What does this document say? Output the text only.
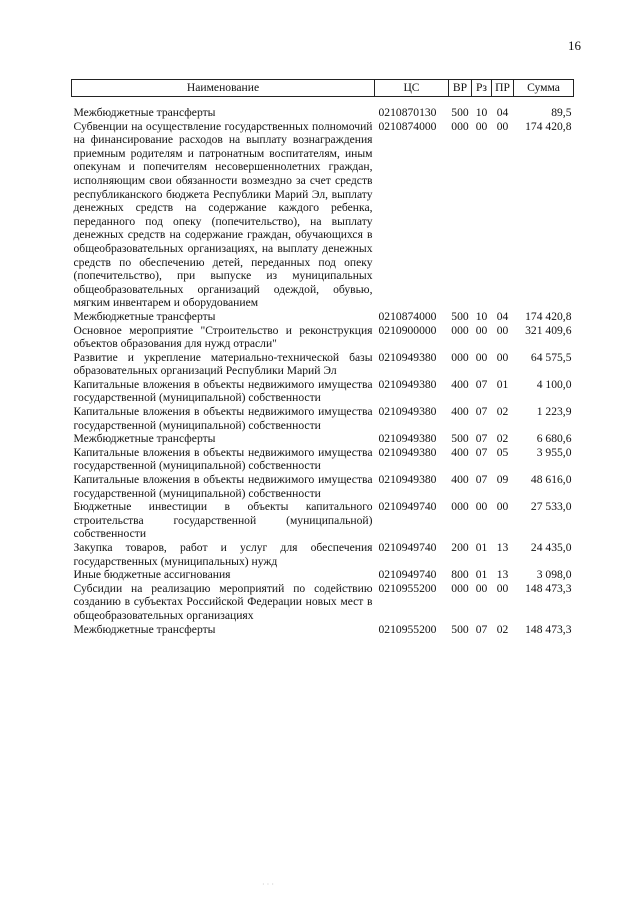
16
Наименование	ЦС	ВР	Рз	ПР	Сумма

Межбюджетные трансферты	0210870130	500	10	04	89,5
Субвенции на осуществление государственных полномочий на финансирование расходов на выплату вознаграждения приемным родителям и патронатным воспитателям, иным опекунам и попечителям несовершеннолетних граждан, исполняющим свои обязанности возмездно за счет средств республиканского бюджета Республики Марий Эл, выплату денежных средств на содержание каждого ребенка, переданного под опеку (попечительство), на выплату денежных средств на содержание граждан, обучающихся в общеобразовательных организациях, на выплату денежных средств по обеспечению детей, переданных под опеку (попечительство), при выпуске из муниципальных общеобразовательных организаций одеждой, обувью, мягким инвентарем и оборудованием	0210874000	000	00	00	174 420,8
Межбюджетные трансферты	0210874000	500	10	04	174 420,8
Основное мероприятие "Строительство и реконструкция объектов образования для нужд отрасли"	0210900000	000	00	00	321 409,6
Развитие и укрепление материально-технической базы образовательных организаций Республики Марий Эл	0210949380	000	00	00	64 575,5
Капитальные вложения в объекты недвижимого имущества государственной (муниципальной) собственности	0210949380	400	07	01	4 100,0
Капитальные вложения в объекты недвижимого имущества государственной (муниципальной) собственности	0210949380	400	07	02	1 223,9
Межбюджетные трансферты	0210949380	500	07	02	6 680,6
Капитальные вложения в объекты недвижимого имущества государственной (муниципальной) собственности	0210949380	400	07	05	3 955,0
Капитальные вложения в объекты недвижимого имущества государственной (муниципальной) собственности	0210949380	400	07	09	48 616,0
Бюджетные инвестиции в объекты капитального строительства государственной (муниципальной) собственности	0210949740	000	00	00	27 533,0
Закупка товаров, работ и услуг для обеспечения государственных (муниципальных) нужд	0210949740	200	01	13	24 435,0
Иные бюджетные ассигнования	0210949740	800	01	13	3 098,0
Субсидии на реализацию мероприятий по содействию созданию в субъектах Российской Федерации новых мест в общеобразовательных организациях	0210955200	000	00	00	148 473,3
Межбюджетные трансферты	0210955200	500	07	02	148 473,3
· · ·
